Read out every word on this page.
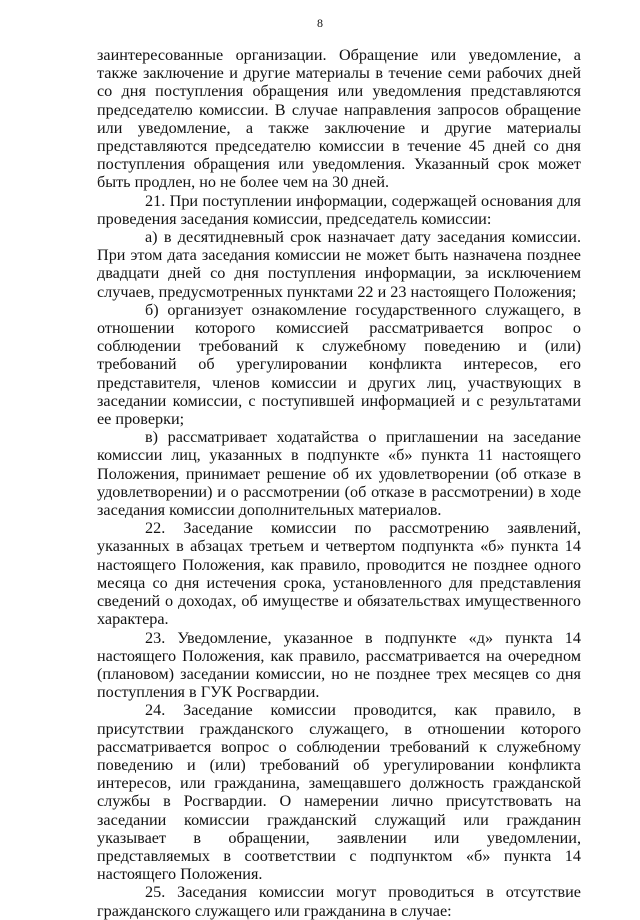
8

заинтересованные организации. Обращение или уведомление, а также заключение и другие материалы в течение семи рабочих дней со дня поступления обращения или уведомления представляются председателю комиссии. В случае направления запросов обращение или уведомление, а также заключение и другие материалы представляются председателю комиссии в течение 45 дней со дня поступления обращения или уведомления. Указанный срок может быть продлен, но не более чем на 30 дней.

21. При поступлении информации, содержащей основания для проведения заседания комиссии, председатель комиссии:

а) в десятидневный срок назначает дату заседания комиссии. При этом дата заседания комиссии не может быть назначена позднее двадцати дней со дня поступления информации, за исключением случаев, предусмотренных пунктами 22 и 23 настоящего Положения;

б) организует ознакомление государственного служащего, в отношении которого комиссией рассматривается вопрос о соблюдении требований к служебному поведению и (или) требований об урегулировании конфликта интересов, его представителя, членов комиссии и других лиц, участвующих в заседании комиссии, с поступившей информацией и с результатами ее проверки;

в) рассматривает ходатайства о приглашении на заседание комиссии лиц, указанных в подпункте «б» пункта 11 настоящего Положения, принимает решение об их удовлетворении (об отказе в удовлетворении) и о рассмотрении (об отказе в рассмотрении) в ходе заседания комиссии дополнительных материалов.

22. Заседание комиссии по рассмотрению заявлений, указанных в абзацах третьем и четвертом подпункта «б» пункта 14 настоящего Положения, как правило, проводится не позднее одного месяца со дня истечения срока, установленного для представления сведений о доходах, об имуществе и обязательствах имущественного характера.

23. Уведомление, указанное в подпункте «д» пункта 14 настоящего Положения, как правило, рассматривается на очередном (плановом) заседании комиссии, но не позднее трех месяцев со дня поступления в ГУК Росгвардии.

24. Заседание комиссии проводится, как правило, в присутствии гражданского служащего, в отношении которого рассматривается вопрос о соблюдении требований к служебному поведению и (или) требований об урегулировании конфликта интересов, или гражданина, замещавшего должность гражданской службы в Росгвардии. О намерении лично присутствовать на заседании комиссии гражданский служащий или гражданин указывает в обращении, заявлении или уведомлении, представляемых в соответствии с подпунктом «б» пункта 14 настоящего Положения.

25. Заседания комиссии могут проводиться в отсутствие гражданского служащего или гражданина в случае:
